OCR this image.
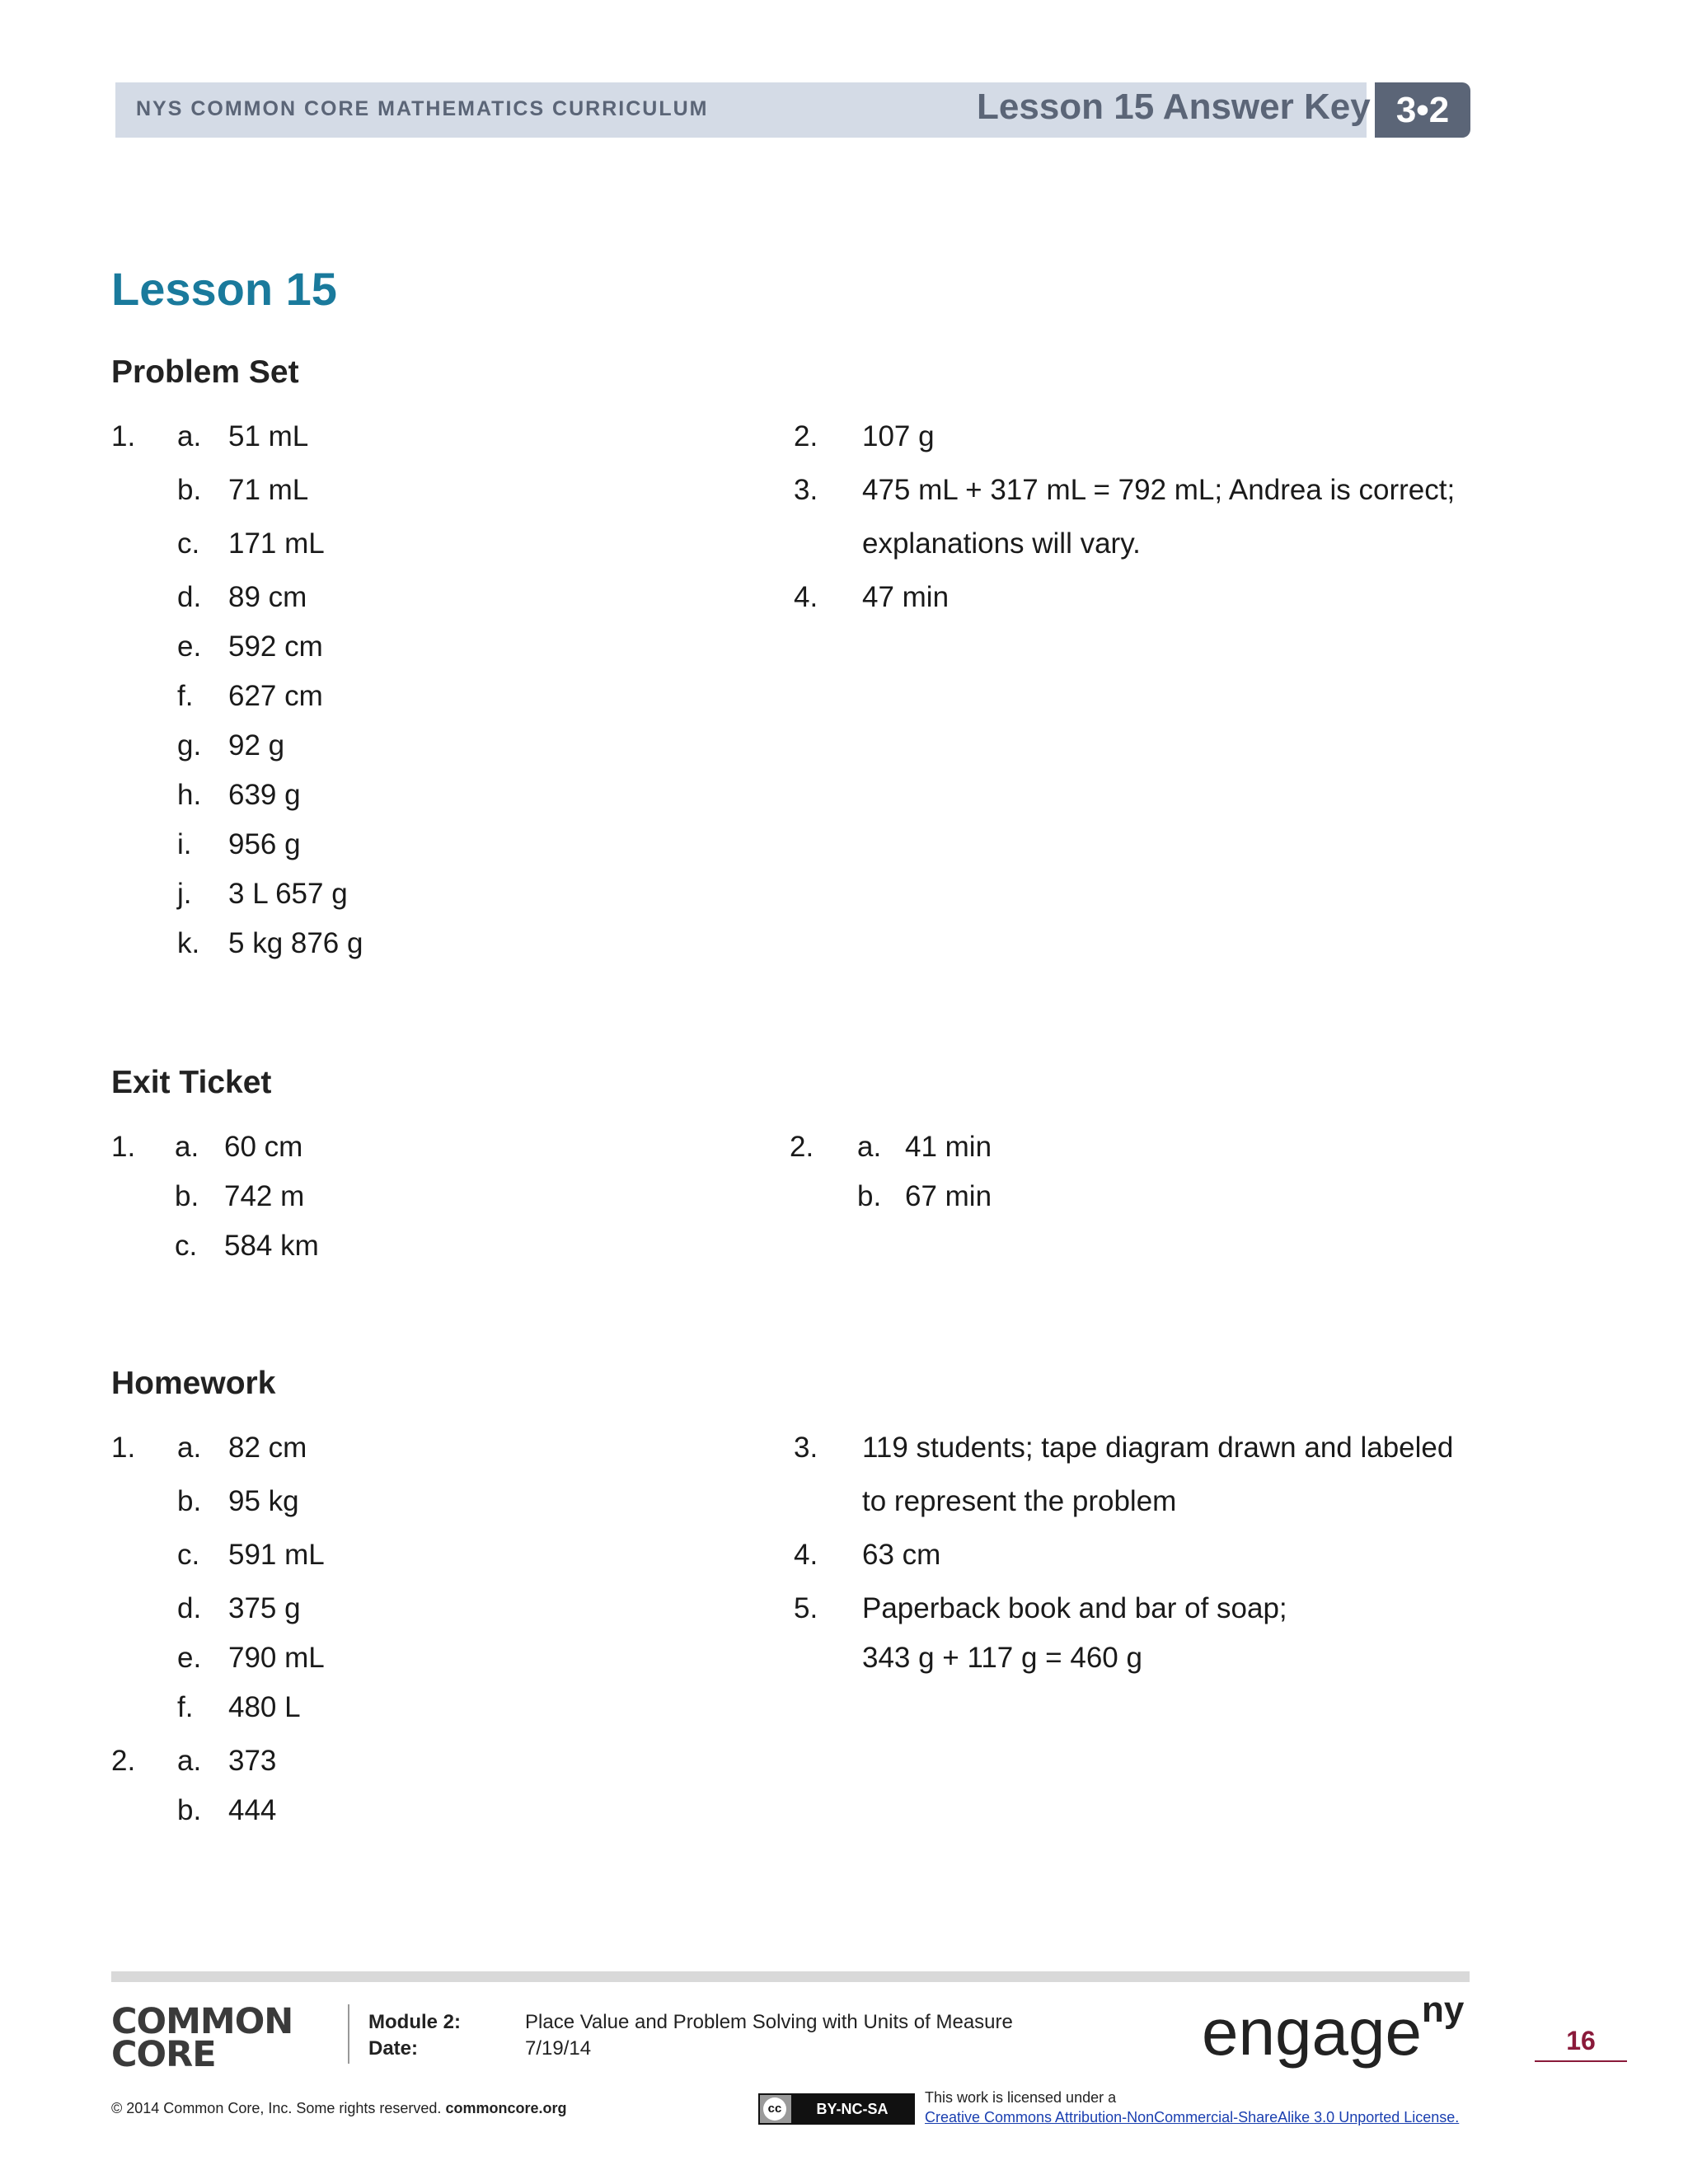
NYS COMMON CORE MATHEMATICS CURRICULUM	Lesson 15 Answer Key 3•2
Lesson 15
Problem Set
1. a. 51 mL
b. 71 mL
c. 171 mL
d. 89 cm
e. 592 cm
f. 627 cm
g. 92 g
h. 639 g
i. 956 g
j. 3 L 657 g
k. 5 kg 876 g
2. 107 g
3. 475 mL + 317 mL = 792 mL; Andrea is correct;
explanations will vary.
4. 47 min
Exit Ticket
1. a. 60 cm
b. 742 m
c. 584 km
2. a. 41 min
b. 67 min
Homework
1. a. 82 cm
b. 95 kg
c. 591 mL
d. 375 g
e. 790 mL
f. 480 L
2. a. 373
b. 444
3. 119 students; tape diagram drawn and labeled
to represent the problem
4. 63 cm
5. Paperback book and bar of soap;
343 g + 117 g = 460 g
COMMON
CORE
Module 2:	Place Value and Problem Solving with Units of Measure
Date:	7/19/14	engage$^{ny}$
16
© 2014 Common Core, Inc. Some rights reserved. commoncore.org	cc	BY-NC-SA
This work is licensed under a
Creative Commons Attribution-NonCommercial-ShareAlike 3.0 Unported License.
